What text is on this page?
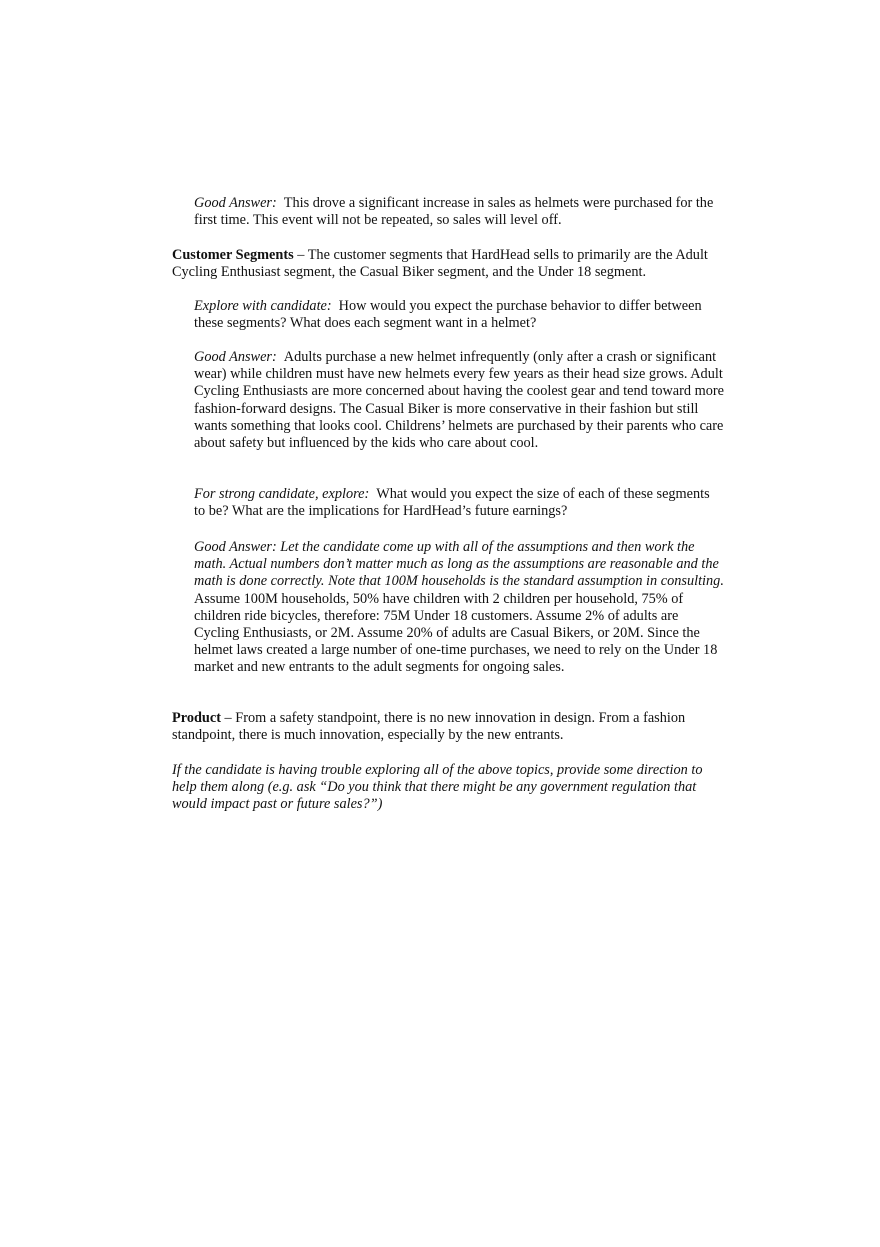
Good Answer: This drove a significant increase in sales as helmets were purchased for the first time. This event will not be repeated, so sales will level off.

Customer Segments – The customer segments that HardHead sells to primarily are the Adult Cycling Enthusiast segment, the Casual Biker segment, and the Under 18 segment.

Explore with candidate: How would you expect the purchase behavior to differ between these segments? What does each segment want in a helmet?

Good Answer: Adults purchase a new helmet infrequently (only after a crash or significant wear) while children must have new helmets every few years as their head size grows. Adult Cycling Enthusiasts are more concerned about having the coolest gear and tend toward more fashion-forward designs. The Casual Biker is more conservative in their fashion but still wants something that looks cool. Childrens’ helmets are purchased by their parents who care about safety but influenced by the kids who care about cool.

For strong candidate, explore: What would you expect the size of each of these segments to be? What are the implications for HardHead’s future earnings?

Good Answer: Let the candidate come up with all of the assumptions and then work the math. Actual numbers don’t matter much as long as the assumptions are reasonable and the math is done correctly. Note that 100M households is the standard assumption in consulting. Assume 100M households, 50% have children with 2 children per household, 75% of children ride bicycles, therefore: 75M Under 18 customers. Assume 2% of adults are Cycling Enthusiasts, or 2M. Assume 20% of adults are Casual Bikers, or 20M. Since the helmet laws created a large number of one-time purchases, we need to rely on the Under 18 market and new entrants to the adult segments for ongoing sales.

Product – From a safety standpoint, there is no new innovation in design. From a fashion standpoint, there is much innovation, especially by the new entrants.

If the candidate is having trouble exploring all of the above topics, provide some direction to help them along (e.g. ask “Do you think that there might be any government regulation that would impact past or future sales?”)
